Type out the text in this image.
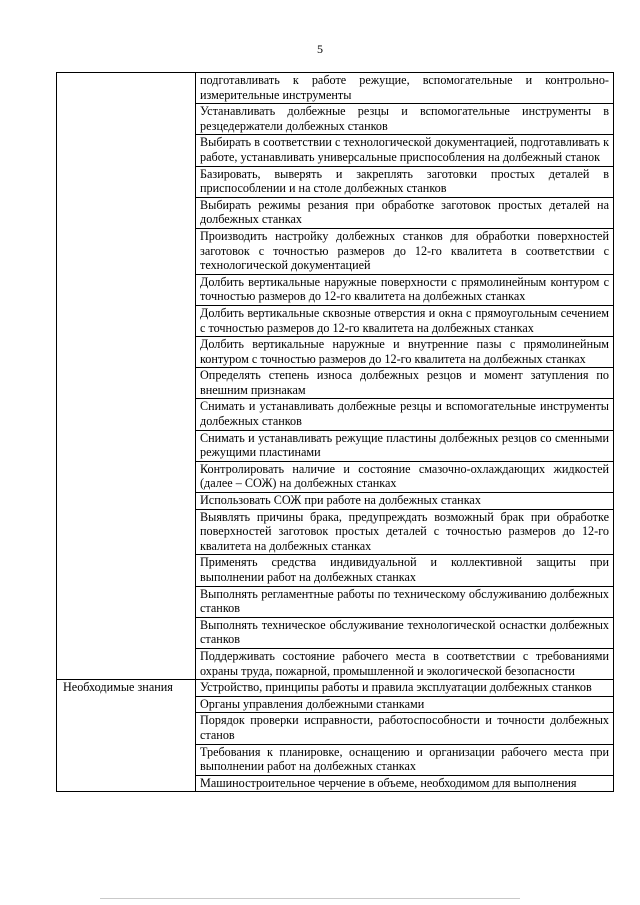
5
	подготавливать к работе режущие, вспомогательные и контрольно-измерительные инструменты
	Устанавливать долбежные резцы и вспомогательные инструменты в резцедержатели долбежных станков
	Выбирать в соответствии с технологической документацией, подготавливать к работе, устанавливать универсальные приспособления на долбежный станок
	Базировать, выверять и закреплять заготовки простых деталей в приспособлении и на столе долбежных станков
	Выбирать режимы резания при обработке заготовок простых деталей на долбежных станках
	Производить настройку долбежных станков для обработки поверхностей заготовок с точностью размеров до 12-го квалитета в соответствии с технологической документацией
	Долбить вертикальные наружные поверхности с прямолинейным контуром с точностью размеров до 12-го квалитета на долбежных станках
	Долбить вертикальные сквозные отверстия и окна с прямоугольным сечением с точностью размеров до 12-го квалитета на долбежных станках
	Долбить вертикальные наружные и внутренние пазы с прямолинейным контуром с точностью размеров до 12-го квалитета на долбежных станках
	Определять степень износа долбежных резцов и момент затупления по внешним признакам
	Снимать и устанавливать долбежные резцы и вспомогательные инструменты долбежных станков
	Снимать и устанавливать режущие пластины долбежных резцов со сменными режущими пластинами
	Контролировать наличие и состояние смазочно-охлаждающих жидкостей (далее – СОЖ) на долбежных станках
	Использовать СОЖ при работе на долбежных станках
	Выявлять причины брака, предупреждать возможный брак при обработке поверхностей заготовок простых деталей с точностью размеров до 12-го квалитета на долбежных станках
	Применять средства индивидуальной и коллективной защиты при выполнении работ на долбежных станках
	Выполнять регламентные работы по техническому обслуживанию долбежных станков
	Выполнять техническое обслуживание технологической оснастки долбежных станков
	Поддерживать состояние рабочего места в соответствии с требованиями охраны труда, пожарной, промышленной и экологической безопасности
Необходимые знания	Устройство, принципы работы и правила эксплуатации долбежных станков
	Органы управления долбежными станками
	Порядок проверки исправности, работоспособности и точности долбежных станов
	Требования к планировке, оснащению и организации рабочего места при выполнении работ на долбежных станках
	Машиностроительное черчение в объеме, необходимом для выполнения
